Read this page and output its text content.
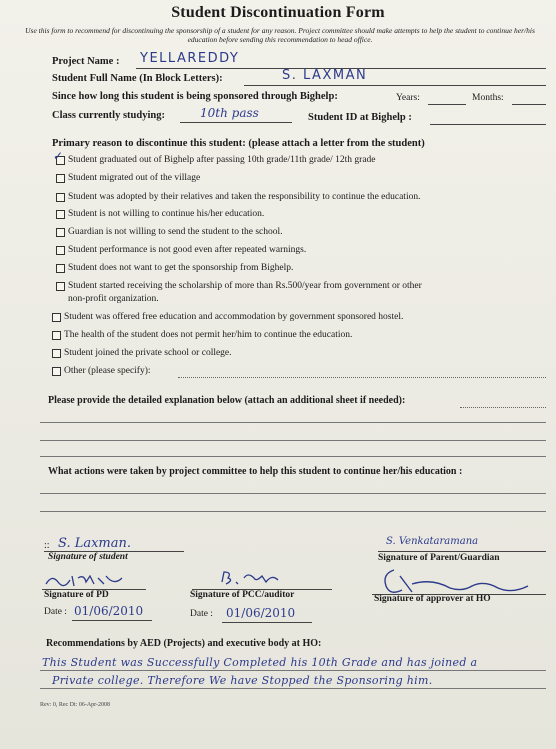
Student Discontinuation Form
Use this form to recommend for discontinuing the sponsorship of a student for any reason. Project committee should make attempts to help the student to continue her/his education before sending this recommendation to head office.
Project Name : YELLAREDDY
Student Full Name (In Block Letters):	S. LAXMAN
Since how long this student is being sponsored through Bighelp:	Years:	Months:
Class currently studying:	10th pass	Student ID at Bighelp :
Primary reason to discontinue this student: (please attach a letter from the student)
✓ Student graduated out of Bighelp after passing 10th grade/11th grade/ 12th grade
Student migrated out of the village
Student was adopted by their relatives and taken the responsibility to continue the education.
Student is not willing to continue his/her education.
Guardian is not willing to send the student to the school.
Student performance is not good even after repeated warnings.
Student does not want to get the sponsorship from Bighelp.
Student started receiving the scholarship of more than Rs.500/year from government or other
non-profit organization.
Student was offered free education and accommodation by government sponsored hostel.
The health of the student does not permit her/him to continue the education.
Student joined the private school or college.
Other (please specify):
Please provide the detailed explanation below (attach an additional sheet if needed):
What actions were taken by project committee to help this student to continue her/his education :
S. Laxman.
::
Signature of student
S. Venkataramana
Signature of Parent/Guardian
Signature of PD
Date : 01/06/2010
Signature of PCC/auditor
Date : 01/06/2010
Signature of approver at HO
Recommendations by AED (Projects) and executive body at HO:
This Student was Successfully Completed his 10th Grade and has joined a
Private college. Therefore We have Stopped the Sponsoring him.
Rev: 0, Rec Dt: 06-Apr-2008
